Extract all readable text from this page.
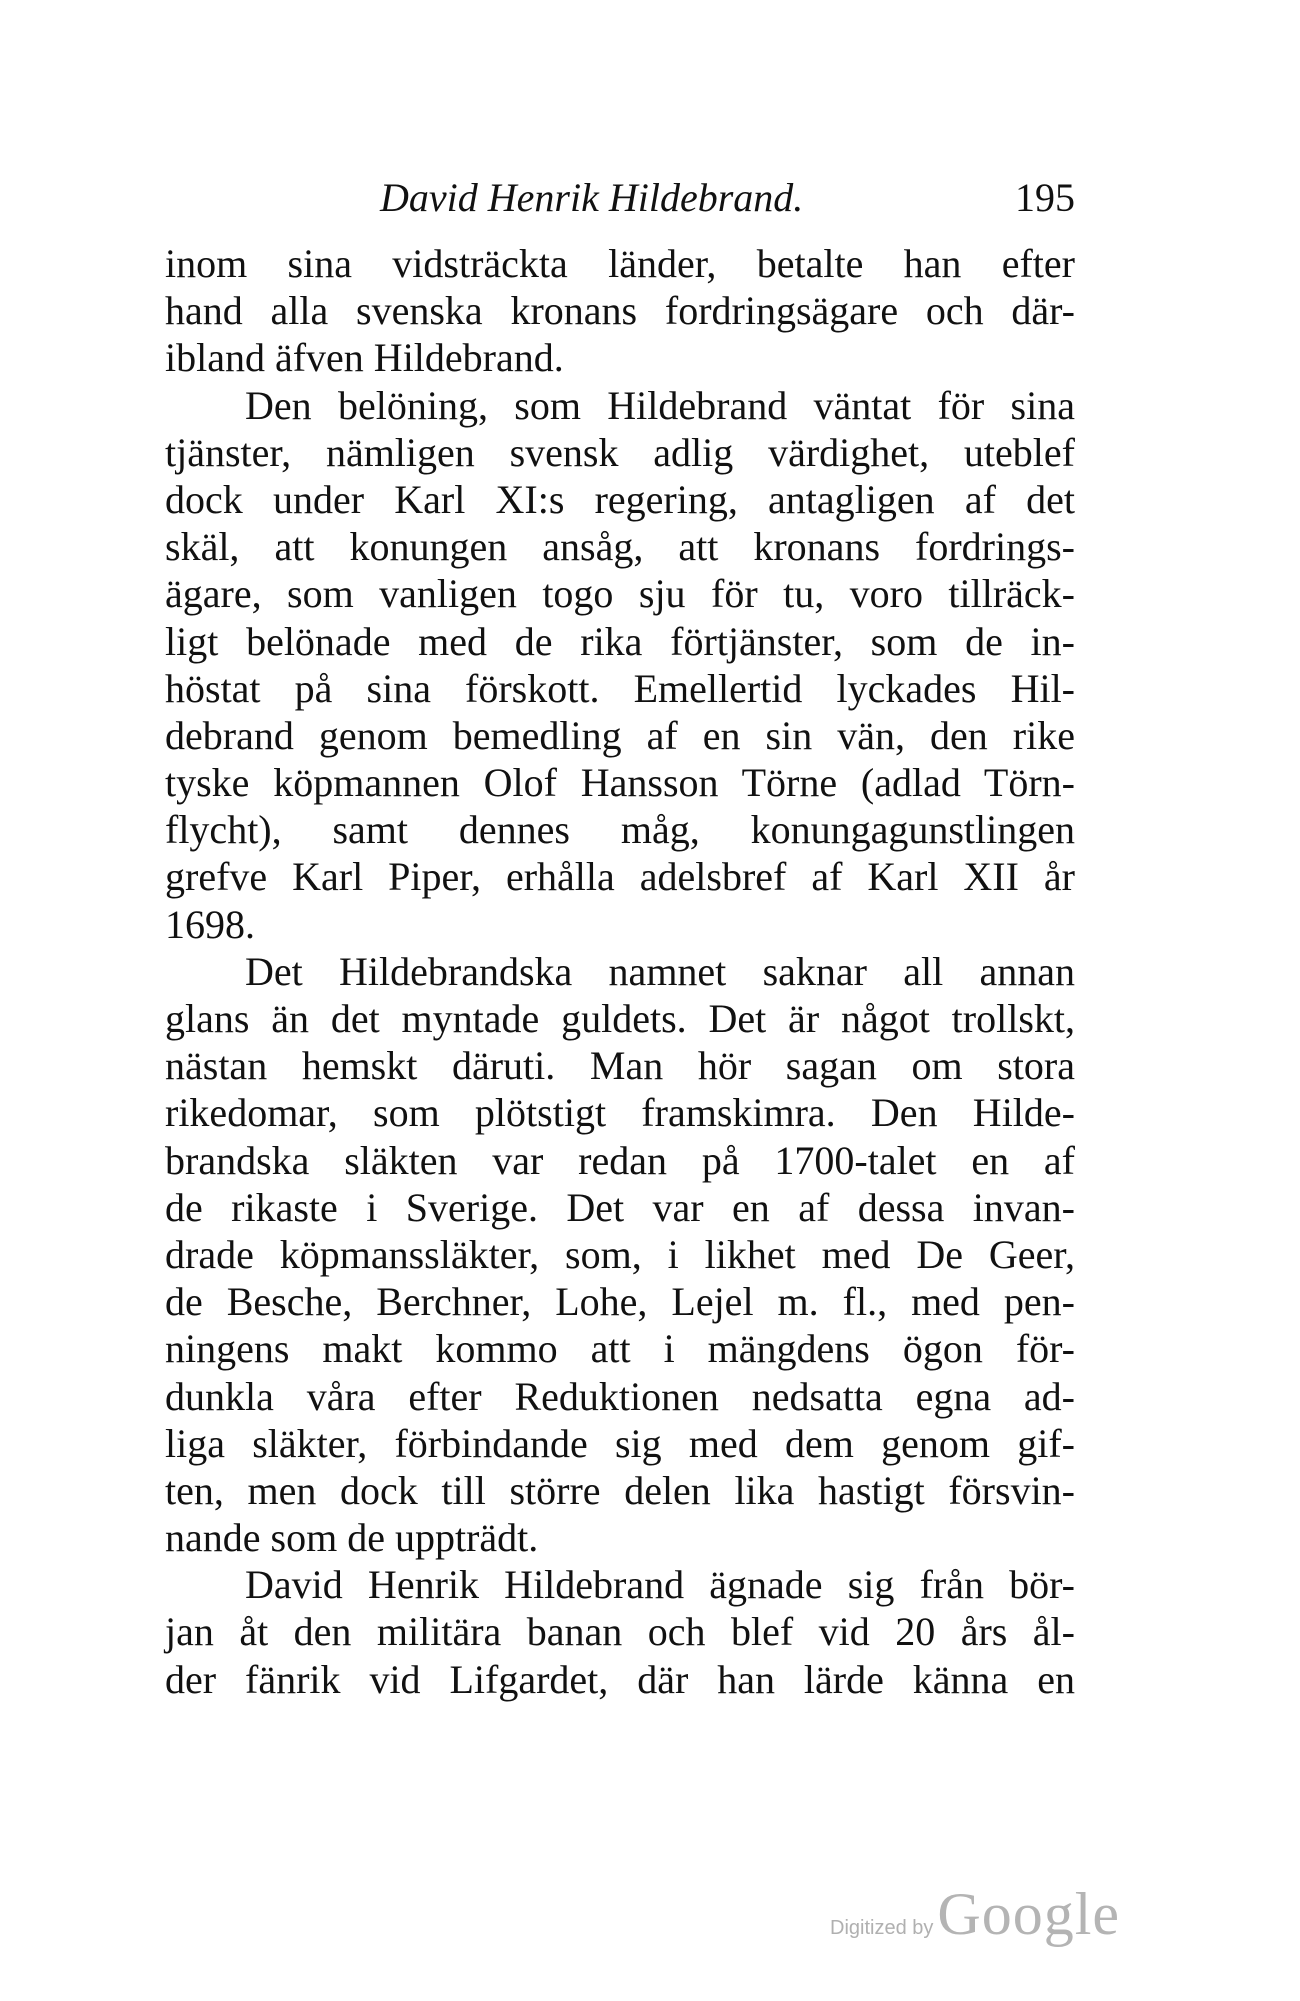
David Henrik Hildebrand.	195
inom sina vidsträckta länder, betalte han efter
hand alla svenska kronans fordringsägare och där-
ibland äfven Hildebrand.
Den belöning, som Hildebrand väntat för sina
tjänster, nämligen svensk adlig värdighet, uteblef
dock under Karl XI:s regering, antagligen af det
skäl, att konungen ansåg, att kronans fordrings-
ägare, som vanligen togo sju för tu, voro tillräck-
ligt belönade med de rika förtjänster, som de in-
höstat på sina förskott. Emellertid lyckades Hil-
debrand genom bemedling af en sin vän, den rike
tyske köpmannen Olof Hansson Törne (adlad Törn-
flycht), samt dennes måg, konungagunstlingen
grefve Karl Piper, erhålla adelsbref af Karl XII år
1698.
Det Hildebrandska namnet saknar all annan
glans än det myntade guldets. Det är något trollskt,
nästan hemskt däruti. Man hör sagan om stora
rikedomar, som plötstigt framskimra. Den Hilde-
brandska släkten var redan på 1700-talet en af
de rikaste i Sverige. Det var en af dessa invan-
drade köpmanssläkter, som, i likhet med De Geer,
de Besche, Berchner, Lohe, Lejel m. fl., med pen-
ningens makt kommo att i mängdens ögon för-
dunkla våra efter Reduktionen nedsatta egna ad-
liga släkter, förbindande sig med dem genom gif-
ten, men dock till större delen lika hastigt försvin-
nande som de uppträdt.
David Henrik Hildebrand ägnade sig från bör-
jan åt den militära banan och blef vid 20 års ål-
der fänrik vid Lifgardet, där han lärde känna en
Digitized by Google
